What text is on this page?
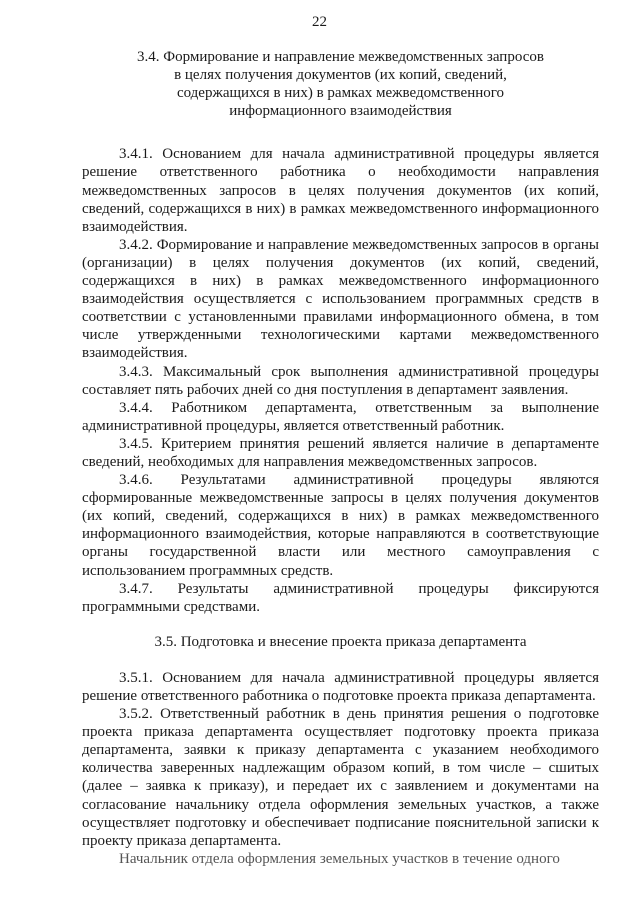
22
3.4. Формирование и направление межведомственных запросов
в целях получения документов (их копий, сведений,
содержащихся в них) в рамках межведомственного
информационного взаимодействия

3.4.1. Основанием для начала административной процедуры является решение ответственного работника о необходимости направления межведомственных запросов в целях получения документов (их копий, сведений, содержащихся в них) в рамках межведомственного информационного взаимодействия.

3.4.2. Формирование и направление межведомственных запросов в органы (организации) в целях получения документов (их копий, сведений, содержащихся в них) в рамках межведомственного информационного взаимодействия осуществляется с использованием программных средств в соответствии с установленными правилами информационного обмена, в том числе утвержденными технологическими картами межведомственного взаимодействия.

3.4.3. Максимальный срок выполнения административной процедуры составляет пять рабочих дней со дня поступления в департамент заявления.

3.4.4. Работником департамента, ответственным за выполнение административной процедуры, является ответственный работник.

3.4.5. Критерием принятия решений является наличие в департаменте сведений, необходимых для направления межведомственных запросов.

3.4.6. Результатами административной процедуры являются сформированные межведомственные запросы в целях получения документов (их копий, сведений, содержащихся в них) в рамках межведомственного информационного взаимодействия, которые направляются в соответствующие органы государственной власти или местного самоуправления с использованием программных средств.

3.4.7. Результаты административной процедуры фиксируются программными средствами.

3.5. Подготовка и внесение проекта приказа департамента

3.5.1. Основанием для начала административной процедуры является решение ответственного работника о подготовке проекта приказа департамента.

3.5.2. Ответственный работник в день принятия решения о подготовке проекта приказа департамента осуществляет подготовку проекта приказа департамента, заявки к приказу департамента с указанием необходимого количества заверенных надлежащим образом копий, в том числе – сшитых (далее – заявка к приказу), и передает их с заявлением и документами на согласование начальнику отдела оформления земельных участков, а также осуществляет подготовку и обеспечивает подписание пояснительной записки к проекту приказа департамента.

Начальник отдела оформления земельных участков в течение одного
